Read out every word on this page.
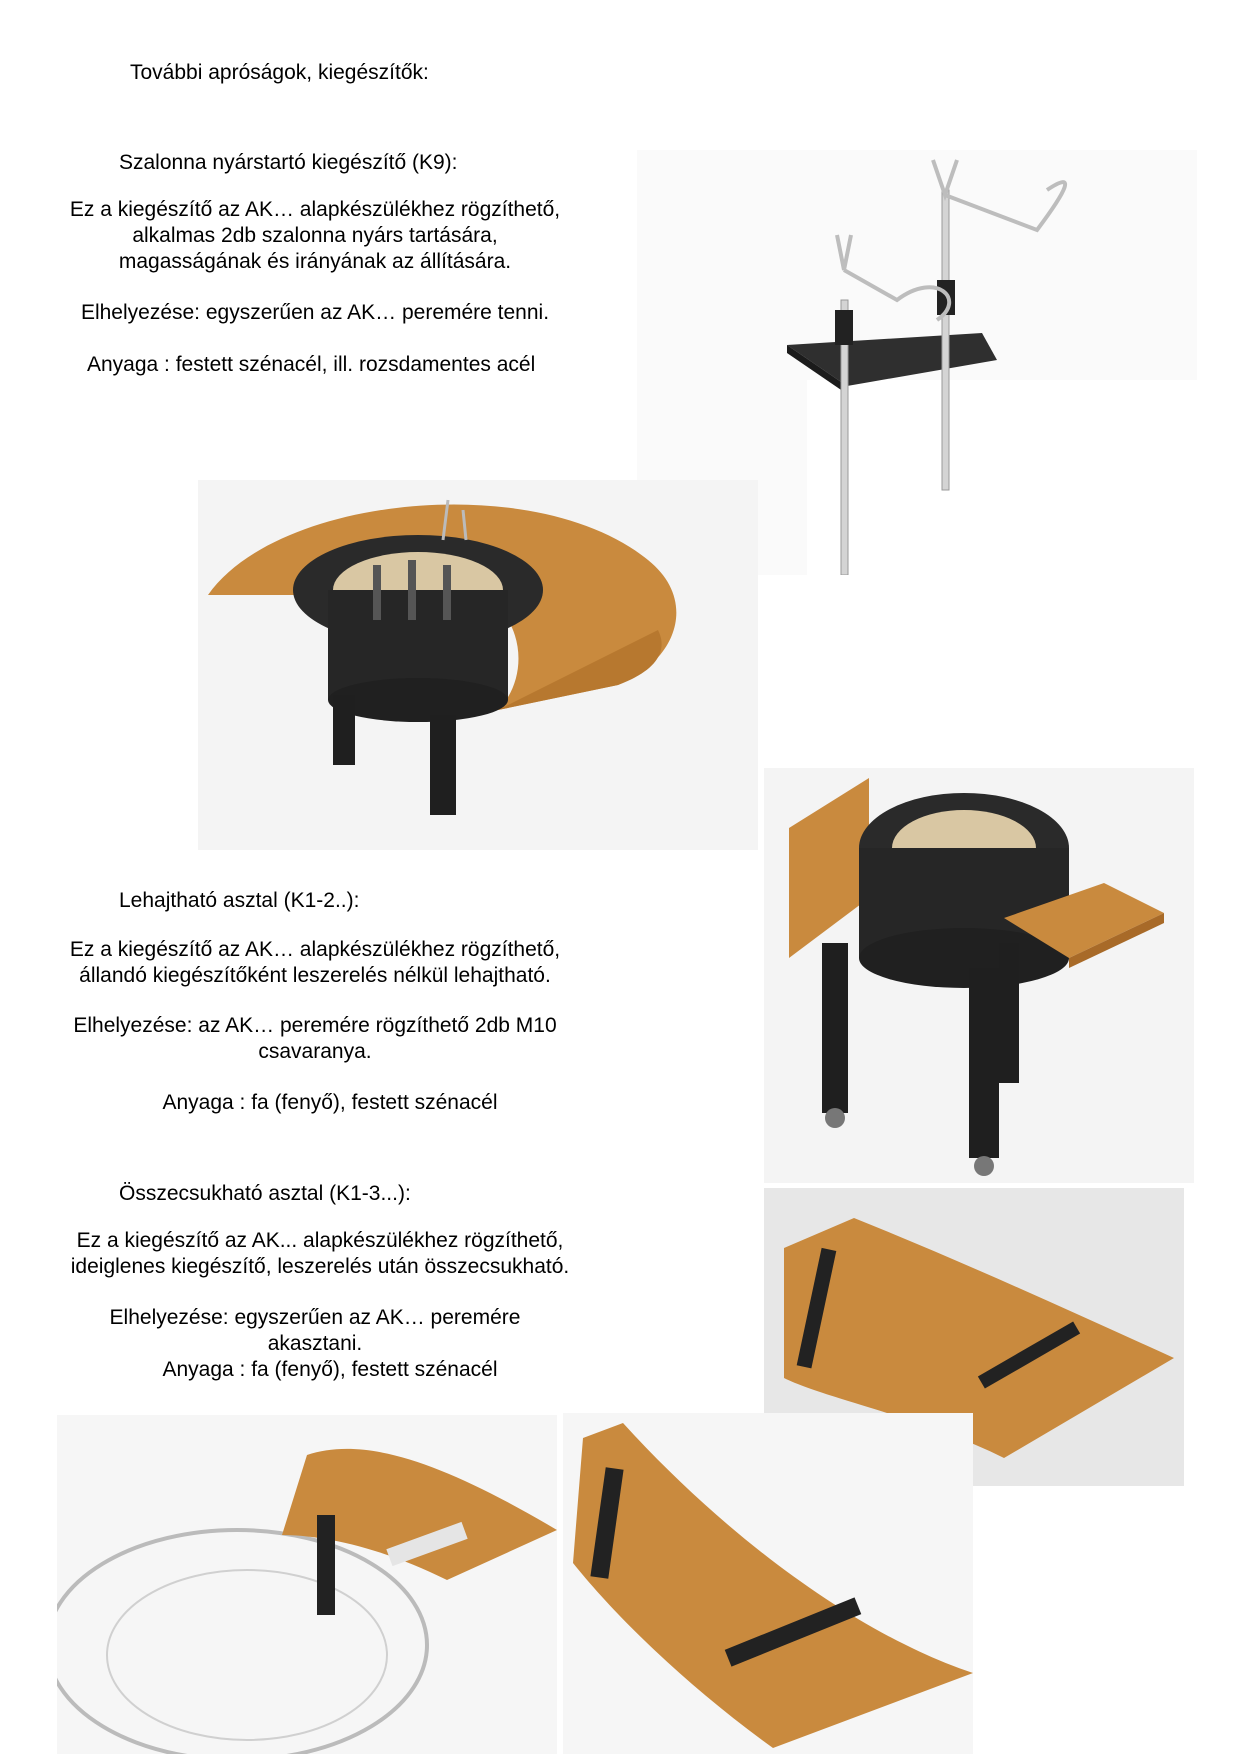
További apróságok, kiegészítők:
Szalonna nyárstartó kiegészítő (K9):
Ez a kiegészítő az AK… alapkészülékhez rögzíthető,
alkalmas 2db szalonna nyárs tartására,
magasságának és irányának az állítására.
Elhelyezése: egyszerűen az AK… peremére tenni.
Anyaga : festett szénacél, ill. rozsdamentes acél
Lehajtható asztal (K1-2..):
Ez a kiegészítő az AK… alapkészülékhez rögzíthető,
állandó kiegészítőként leszerelés nélkül lehajtható.
Elhelyezése: az AK… peremére rögzíthető 2db M10
csavaranya.
Anyaga : fa (fenyő), festett szénacél
Összecsukható asztal (K1-3...):
Ez a kiegészítő az AK... alapkészülékhez rögzíthető,
ideiglenes kiegészítő, leszerelés után összecsukható.
Elhelyezése: egyszerűen az AK… peremére
akasztani.
Anyaga : fa (fenyő), festett szénacél
